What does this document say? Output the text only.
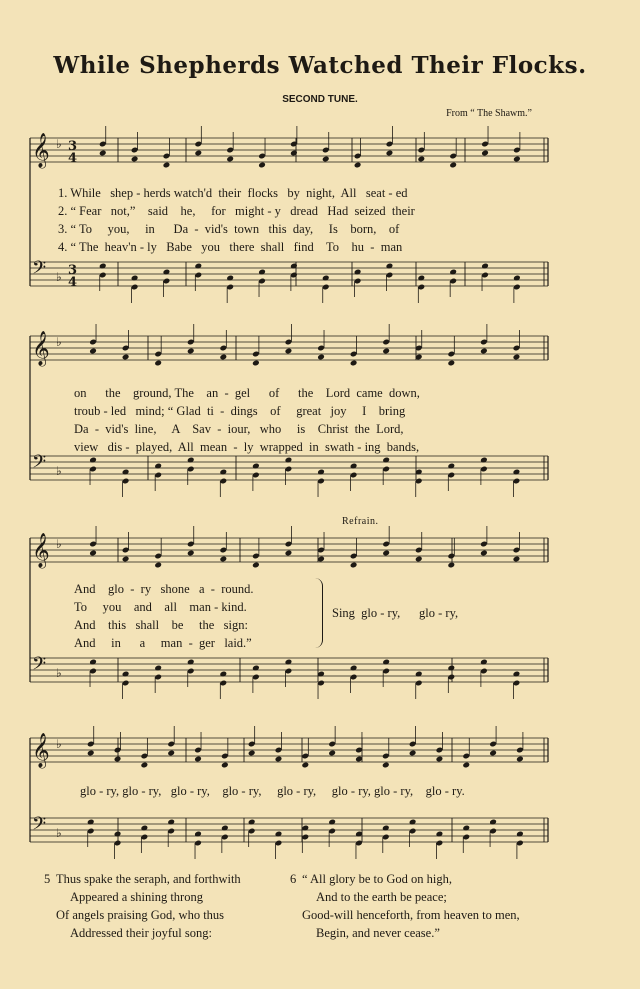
While Shepherds Watched Their Flocks.
SECOND TUNE.
From “ The Shawm.”
𝄞 ♭ 3
4
𝄢 ♭ 3
4
𝄞 ♭
𝄢 ♭
𝄞 ♭
𝄢 ♭
𝄞 ♭
𝄢 ♭
1. While   shep - herds watch'd  their  flocks   by  night,  All   seat - ed
2. “ Fear   not,”    said    he,     for   might - y   dread   Had  seized  their
3. “ To     you,     in      Da  -  vid's  town   this  day,     Is    born,    of
4. “ The  heav'n - ly   Babe   you   there  shall   find    To    hu  -  man
on      the    ground, The    an  -  gel      of      the    Lord  came  down,
troub - led   mind; “ Glad  ti  -  dings    of     great   joy     I    bring
Da  -  vid's  line,     A    Sav  -  iour,   who     is    Christ  the  Lord,
view   dis -  played,  All  mean  -  ly  wrapped  in  swath - ing  bands,
Refrain.
And    glo  -  ry   shone   a  -  round.
To     you    and    all    man - kind.
And    this   shall    be     the   sign:
And     in      a     man  -  ger   laid.”
Sing  glo - ry,      glo - ry,
glo - ry, glo - ry,   glo - ry,    glo - ry,     glo - ry,     glo - ry, glo - ry,    glo - ry.
5 Thus spake the seraph, and forthwith
Appeared a shining throng
Of angels praising God, who thus
Addressed their joyful song:
6 “ All glory be to God on high,
And to the earth be peace;
Good-will henceforth, from heaven to men,
Begin, and never cease.”
